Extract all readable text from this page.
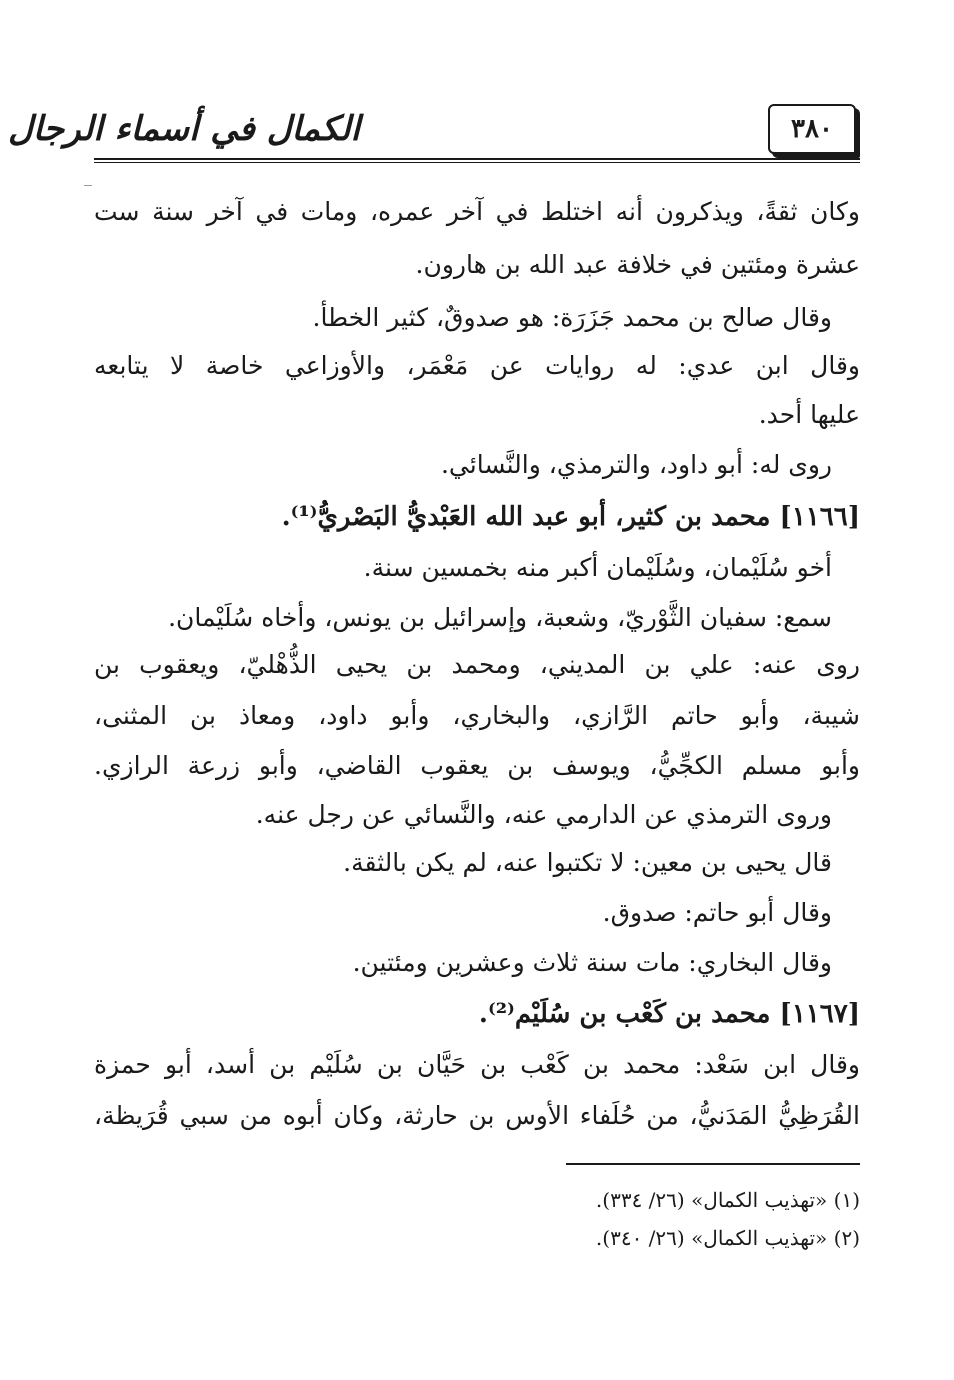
الكمال في أسماء الرجال	٣٨٠
وكان ثقةً، ويذكرون أنه اختلط في آخر عمره، ومات في آخر سنة ست
عشرة ومئتين في خلافة عبد الله بن هارون.
وقال صالح بن محمد جَزَرَة: هو صدوقٌ، كثير الخطأ.
وقال ابن عدي: له روايات عن مَعْمَر، والأوزاعي خاصة لا يتابعه
عليها أحد.
روى له: أبو داود، والترمذي، والنَّسائي.
[١١٦٦] محمد بن كثير، أبو عبد الله العَبْديُّ البَصْريُّ⁽¹⁾.
أخو سُلَيْمان، وسُلَيْمان أكبر منه بخمسين سنة.
سمع: سفيان الثَّوْريّ، وشعبة، وإسرائيل بن يونس، وأخاه سُلَيْمان.
روى عنه: علي بن المديني، ومحمد بن يحيى الذُّهْليّ، ويعقوب بن
شيبة، وأبو حاتم الرَّازي، والبخاري، وأبو داود، ومعاذ بن المثنى،
وأبو مسلم الكجِّيُّ، ويوسف بن يعقوب القاضي، وأبو زرعة الرازي.
وروى الترمذي عن الدارمي عنه، والنَّسائي عن رجل عنه.
قال يحيى بن معين: لا تكتبوا عنه، لم يكن بالثقة.
وقال أبو حاتم: صدوق.
وقال البخاري: مات سنة ثلاث وعشرين ومئتين.
[١١٦٧] محمد بن كَعْب بن سُلَيْم⁽²⁾.
وقال ابن سَعْد: محمد بن كَعْب بن حَيَّان بن سُلَيْم بن أسد، أبو حمزة
القُرَظِيُّ المَدَنيُّ، من حُلَفاء الأوس بن حارثة، وكان أبوه من سبي قُرَيظة،
(١) «تهذيب الكمال» (٢٦/ ٣٣٤).
(٢) «تهذيب الكمال» (٢٦/ ٣٤٠).
